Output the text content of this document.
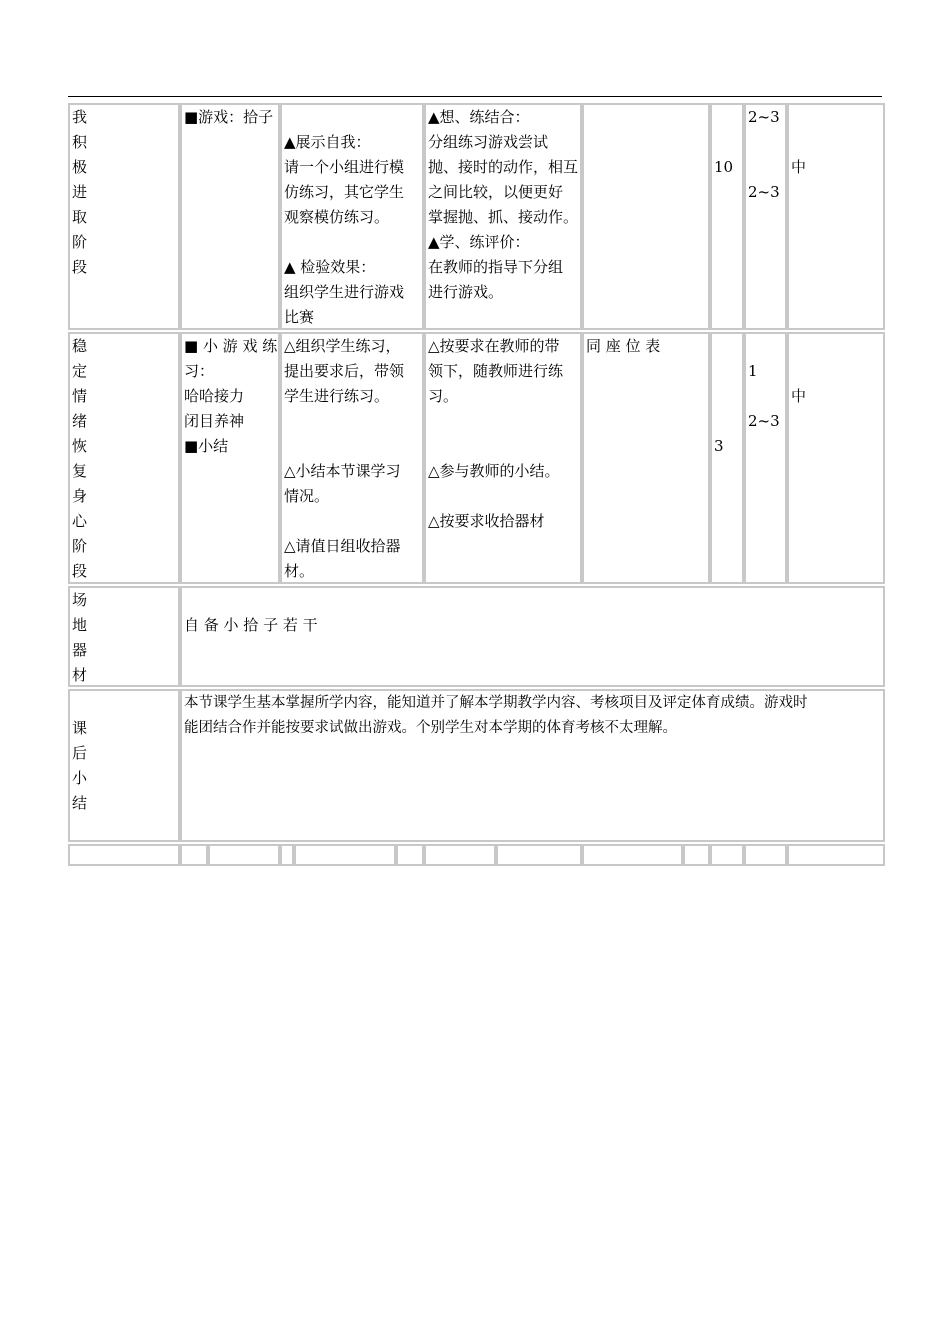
我
积
极
进
取
阶
段
■游戏：拾子

▲展示自我：
请一个小组进行模
仿练习，其它学生
观察模仿练习。

▲ 检验效果：
组织学生进行游戏
比赛
▲想、练结合：
分组练习游戏尝试
抛、接时的动作，相互
之间比较，以便更好
掌握抛、抓、接动作。
▲学、练评价：
在教师的指导下分组
进行游戏。

10
2~3

2~3

中
稳
定
情
绪
恢
复
身
心
阶
段
■ 小 游 戏 练
习：
哈哈接力
闭目养神
■小结
△组织学生练习，
提出要求后，带领
学生进行练习。

△小结本节课学习
情况。

△请值日组收拾器
材。
△按要求在教师的带
领下，随教师进行练
习。

△参与教师的小结。

△按要求收拾器材
同 座 位 表

3

1

2~3

中
场
地
器
材

自 备 小 拾 子 若 干

课
后
小
结
本节课学生基本掌握所学内容，能知道并了解本学期教学内容、考核项目及评定体育成绩。游戏时
能团结合作并能按要求试做出游戏。个别学生对本学期的体育考核不太理解。
